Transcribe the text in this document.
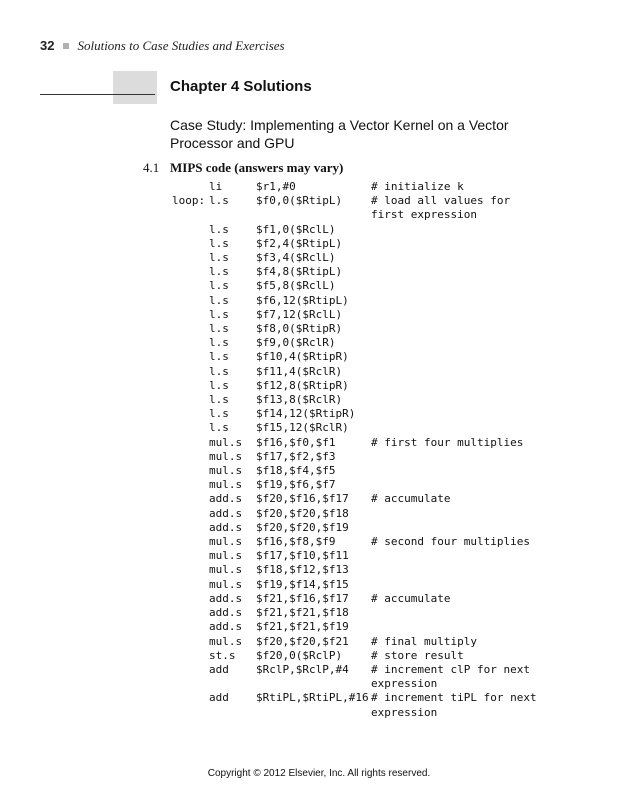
32 Solutions to Case Studies and Exercises
Chapter 4 Solutions
Case Study: Implementing a Vector Kernel on a Vector Processor and GPU
4.1 MIPS code (answers may vary)
li	$r1,#0	# initialize k
loop: l.s	$f0,0($RtipL)	# load all values for first expression
l.s	$f1,0($RclL)
l.s	$f2,4($RtipL)
l.s	$f3,4($RclL)
l.s	$f4,8($RtipL)
l.s	$f5,8($RclL)
l.s	$f6,12($RtipL)
l.s	$f7,12($RclL)
l.s	$f8,0($RtipR)
l.s	$f9,0($RclR)
l.s	$f10,4($RtipR)
l.s	$f11,4($RclR)
l.s	$f12,8($RtipR)
l.s	$f13,8($RclR)
l.s	$f14,12($RtipR)
l.s	$f15,12($RclR)
mul.s	$f16,$f0,$f1	# first four multiplies
mul.s	$f17,$f2,$f3
mul.s	$f18,$f4,$f5
mul.s	$f19,$f6,$f7
add.s	$f20,$f16,$f17	# accumulate
add.s	$f20,$f20,$f18
add.s	$f20,$f20,$f19
mul.s	$f16,$f8,$f9	# second four multiplies
mul.s	$f17,$f10,$f11
mul.s	$f18,$f12,$f13
mul.s	$f19,$f14,$f15
add.s	$f21,$f16,$f17	# accumulate
add.s	$f21,$f21,$f18
add.s	$f21,$f21,$f19
mul.s	$f20,$f20,$f21	# final multiply
st.s	$f20,0($RclP)	# store result
add	$RclP,$RclP,#4	# increment clP for next expression
add	$RtiPL,$RtiPL,#16 # increment tiPL for next expression
Copyright © 2012 Elsevier, Inc. All rights reserved.
